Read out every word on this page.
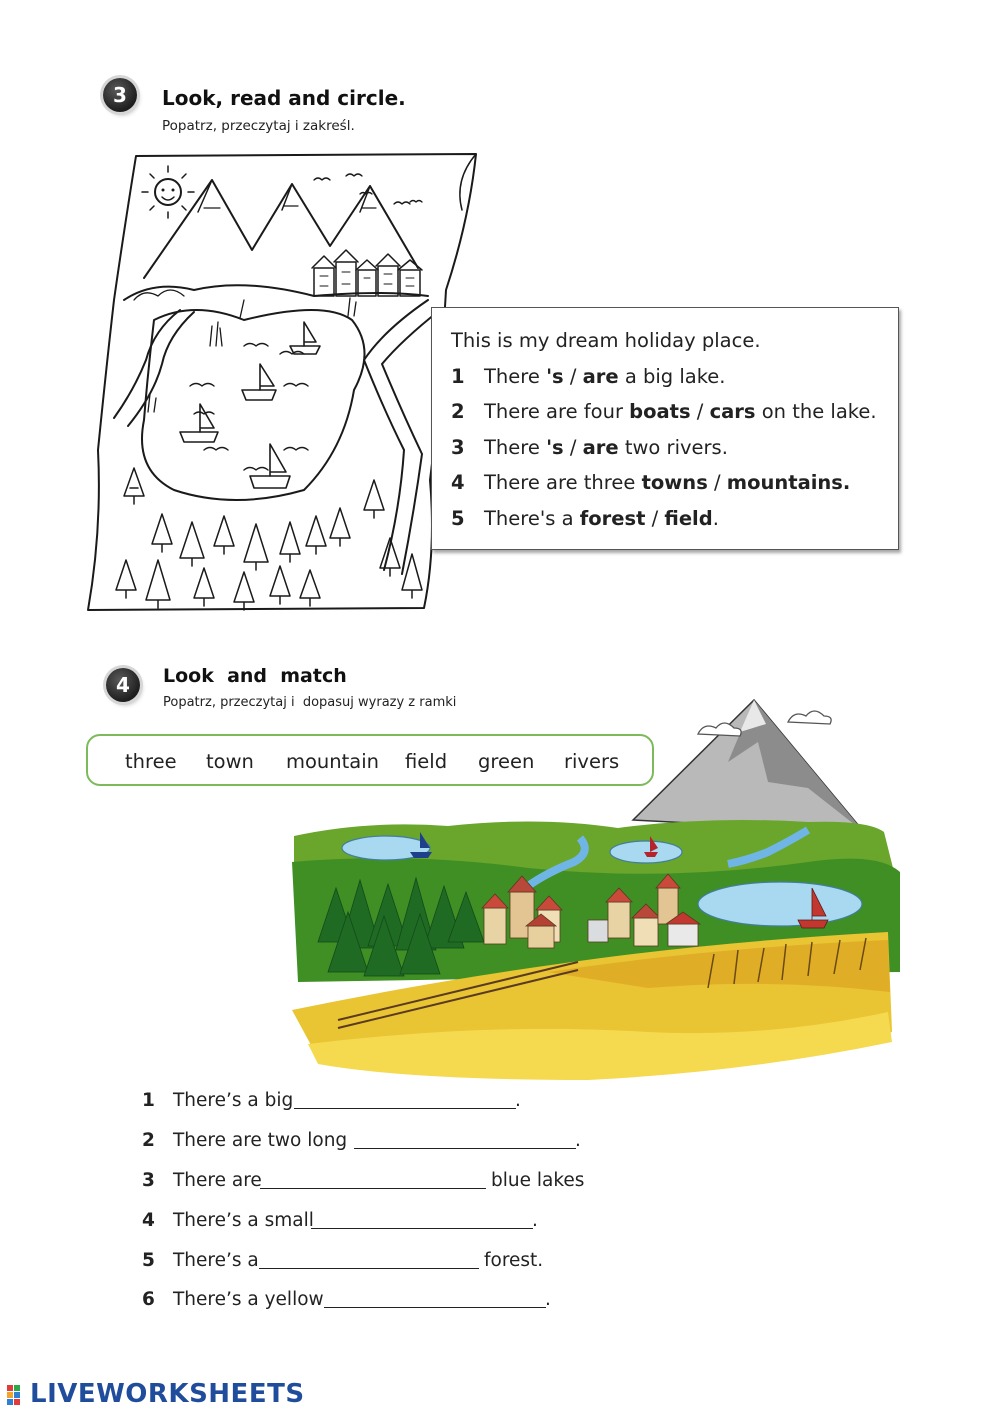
3 Look, read and circle.
Popatrz, przeczytaj i zakreśl.
This is my dream holiday place.
1 There 's / are a big lake.
2 There are four boats / cars on the lake.
3 There 's / are two rivers.
4 There are three towns / mountains.
5 There's a forest / field.
4 Look  and  match
Popatrz, przeczytaj i  dopasuj wyrazy z ramki
three town mountain field green rivers
1 There’s a big	.
2 There are two long	.
3 There are	blue lakes
4 There’s a small	.
5 There’s a	forest.
6 There’s a yellow	.
LIVEWORKSHEETS
